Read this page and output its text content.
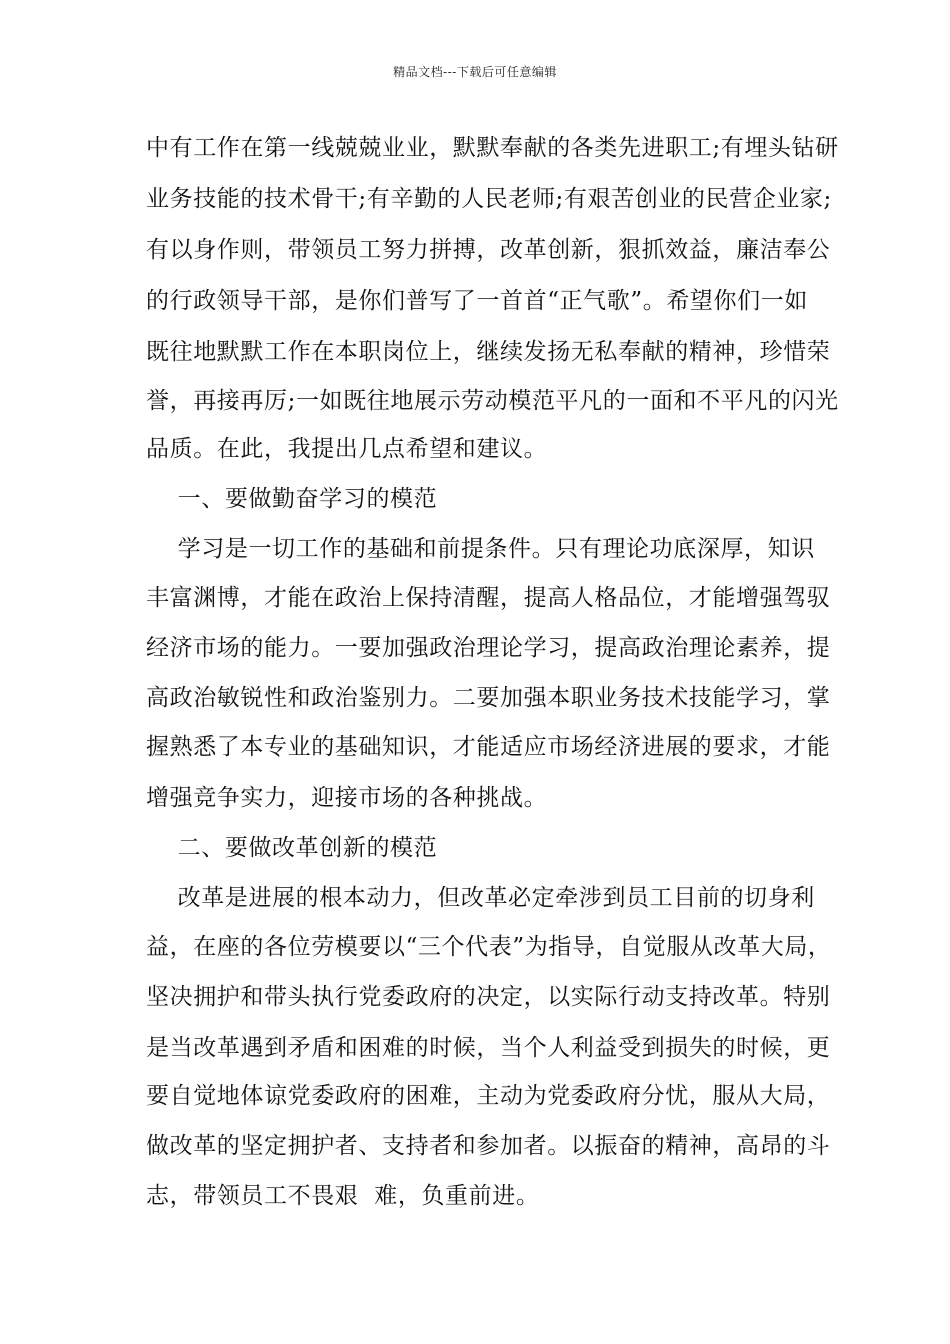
精品文档---下载后可任意编辑
中有工作在第一线兢兢业业，默默奉献的各类先进职工;有埋头钻研
业务技能的技术骨干;有辛勤的人民老师;有艰苦创业的民营企业家;
有以身作则，带领员工努力拼搏，改革创新，狠抓效益，廉洁奉公
的行政领导干部，是你们普写了一首首“正气歌”。希望你们一如
既往地默默工作在本职岗位上，继续发扬无私奉献的精神，珍惜荣
誉，再接再厉;一如既往地展示劳动模范平凡的一面和不平凡的闪光
品质。在此，我提出几点希望和建议。
一、要做勤奋学习的模范
学习是一切工作的基础和前提条件。只有理论功底深厚，知识
丰富渊博，才能在政治上保持清醒，提高人格品位，才能增强驾驭
经济市场的能力。一要加强政治理论学习，提高政治理论素养，提
高政治敏锐性和政治鉴别力。二要加强本职业务技术技能学习，掌
握熟悉了本专业的基础知识，才能适应市场经济进展的要求，才能
增强竞争实力，迎接市场的各种挑战。
二、要做改革创新的模范
改革是进展的根本动力，但改革必定牵涉到员工目前的切身利
益，在座的各位劳模要以“三个代表”为指导，自觉服从改革大局，
坚决拥护和带头执行党委政府的决定，以实际行动支持改革。特别
是当改革遇到矛盾和困难的时候，当个人利益受到损失的时候，更
要自觉地体谅党委政府的困难，主动为党委政府分忧，服从大局，
做改革的坚定拥护者、支持者和参加者。以振奋的精神，高昂的斗
志，带领员工不畏艰  难，负重前进。
